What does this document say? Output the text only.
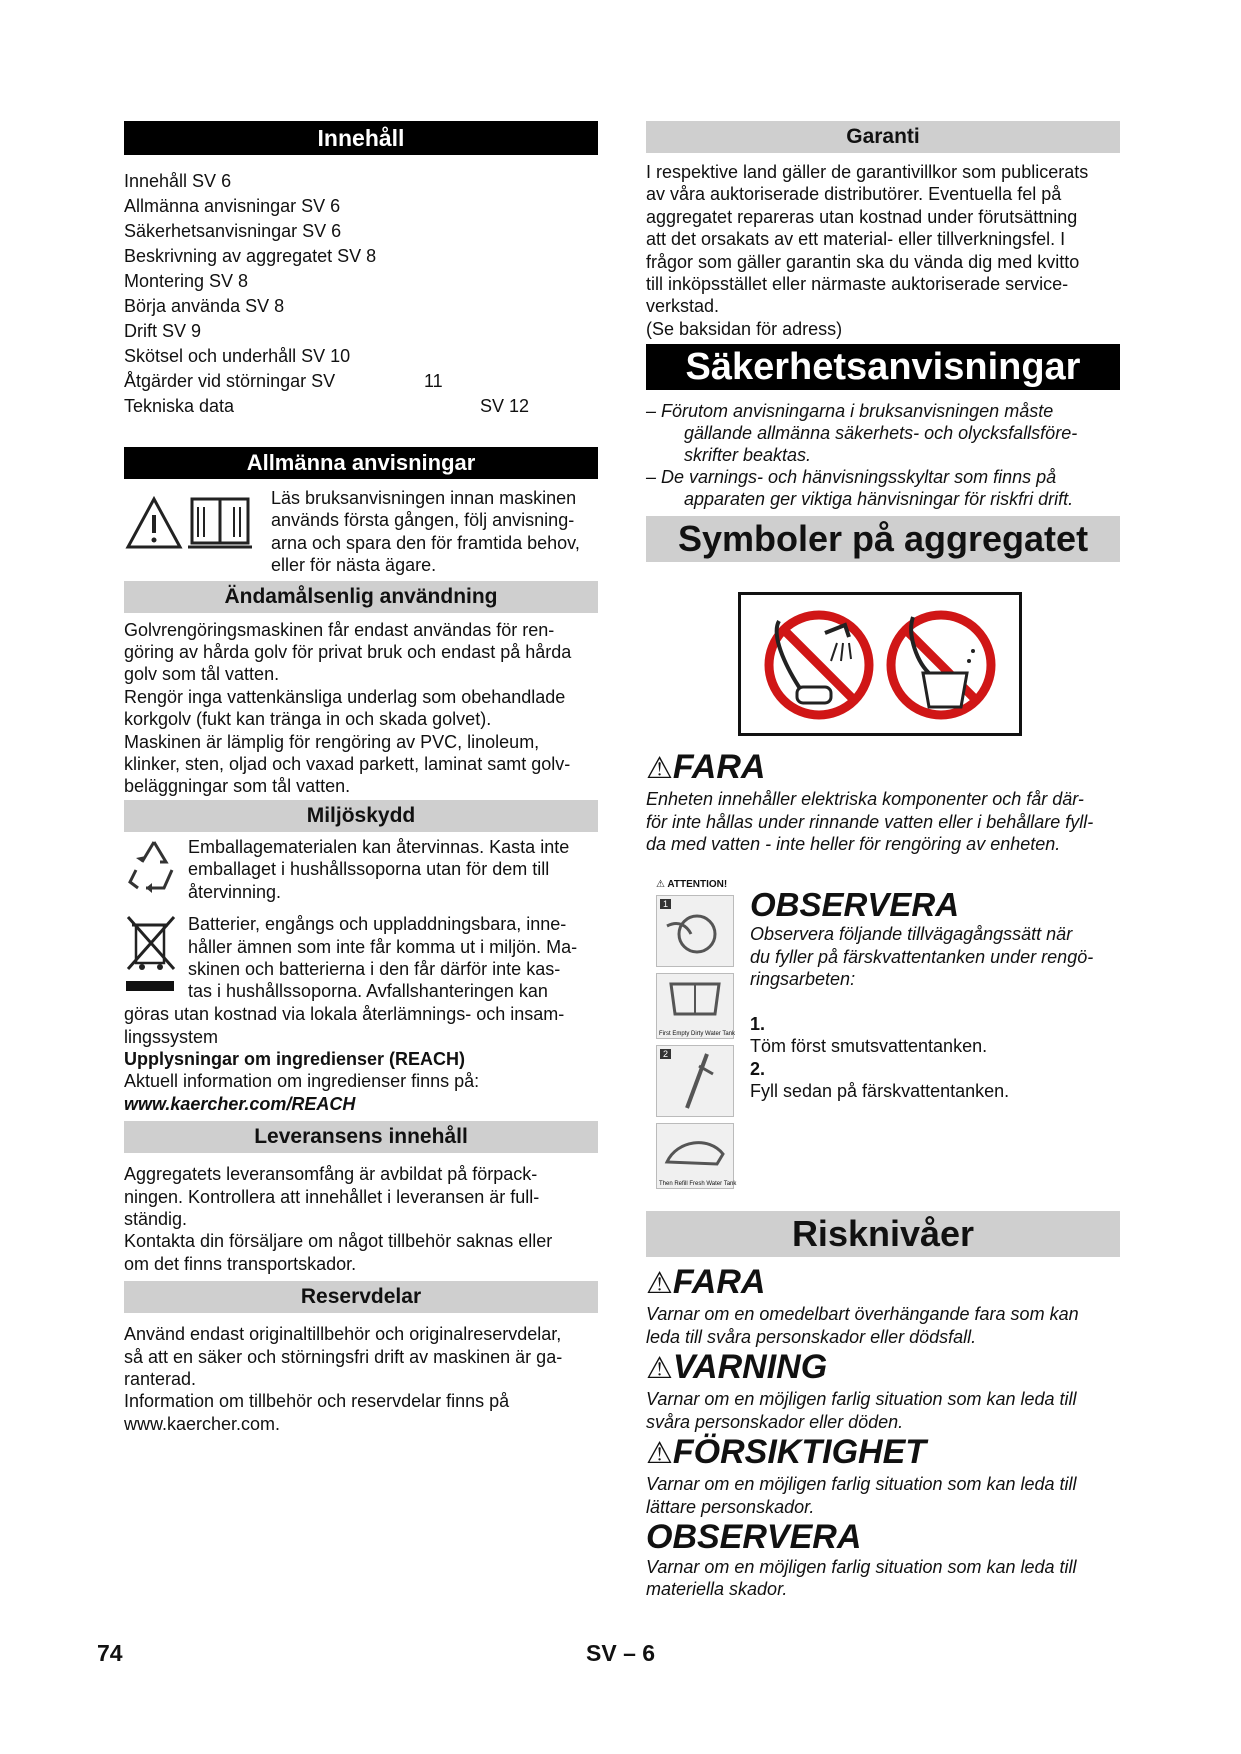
Innehåll
Innehåll SV 6
Allmänna anvisningar SV 6
Säkerhetsanvisningar SV 6
Beskrivning av aggregatet SV 8
Montering SV 8
Börja använda SV 8
Drift SV 9
Skötsel och underhåll SV 10
Åtgärder vid störningar SV	11
Tekniska data	SV 12
Allmänna anvisningar

Läs bruksanvisningen innan maskinen

används första gången, följ anvisning-

arna och spara den för framtida behov,

eller för nästa ägare.

Ändamålsenlig användning

Golvrengöringsmaskinen får endast användas för ren-

göring av hårda golv för privat bruk och endast på hårda

golv som tål vatten.

Rengör inga vattenkänsliga underlag som obehandlade

korkgolv (fukt kan tränga in och skada golvet).

Maskinen är lämplig för rengöring av PVC, linoleum,

klinker, sten, oljad och vaxad parkett, laminat samt golv-

beläggningar som tål vatten.

Miljöskydd

Emballagematerialen kan återvinnas. Kasta inte

emballaget i hushållssoporna utan för dem till

återvinning.

Batterier, engångs och uppladdningsbara, inne-

håller ämnen som inte får komma ut i miljön. Ma-

skinen och batterierna i den får därför inte kas-

tas i hushållssoporna. Avfallshanteringen kan

göras utan kostnad via lokala återlämnings- och insam-

lingssystem

Upplysningar om ingredienser (REACH)

Aktuell information om ingredienser finns på:

www.kaercher.com/REACH

Leveransens innehåll

Aggregatets leveransomfång är avbildat på förpack-

ningen. Kontrollera att innehållet i leveransen är full-

ständig.

Kontakta din försäljare om något tillbehör saknas eller

om det finns transportskador.

Reservdelar

Använd endast originaltillbehör och originalreservdelar,

så att en säker och störningsfri drift av maskinen är ga-

ranterad.

Information om tillbehör och reservdelar finns på

www.kaercher.com.

Garanti

I respektive land gäller de garantivillkor som publicerats

av våra auktoriserade distributörer. Eventuella fel på

aggregatet repareras utan kostnad under förutsättning

att det orsakats av ett material- eller tillverkningsfel. I

frågor som gäller garantin ska du vända dig med kvitto

till inköpsstället eller närmaste auktoriserade service-

verkstad.

(Se baksidan för adress)

Säkerhetsanvisningar

– Förutom anvisningarna i bruksanvisningen måste

gällande allmänna säkerhets- och olycksfallsföre-

skrifter beaktas.

– De varnings- och hänvisningsskyltar som finns på

apparaten ger viktiga hänvisningar för riskfri drift.

Symboler på aggregatet

⚠FARA

Enheten innehåller elektriska komponenter och får där-

för inte hållas under rinnande vatten eller i behållare fyll-

da med vatten - inte heller för rengöring av enheten.

⚠ ATTENTION!
1
First Empty Dirty Water Tank
2
Then Refill Fresh Water Tank

OBSERVERA

Observera följande tillvägagångssätt när

du fyller på färskvattentanken under rengö-

ringsarbeten:

1.

Töm först smutsvattentanken.

2.

Fyll sedan på färskvattentanken.

Risknivåer

⚠FARA

Varnar om en omedelbart överhängande fara som kan

leda till svåra personskador eller dödsfall.

⚠VARNING

Varnar om en möjligen farlig situation som kan leda till

svåra personskador eller döden.

⚠FÖRSIKTIGHET

Varnar om en möjligen farlig situation som kan leda till

lättare personskador.

OBSERVERA

Varnar om en möjligen farlig situation som kan leda till

materiella skador.

74	SV – 6
